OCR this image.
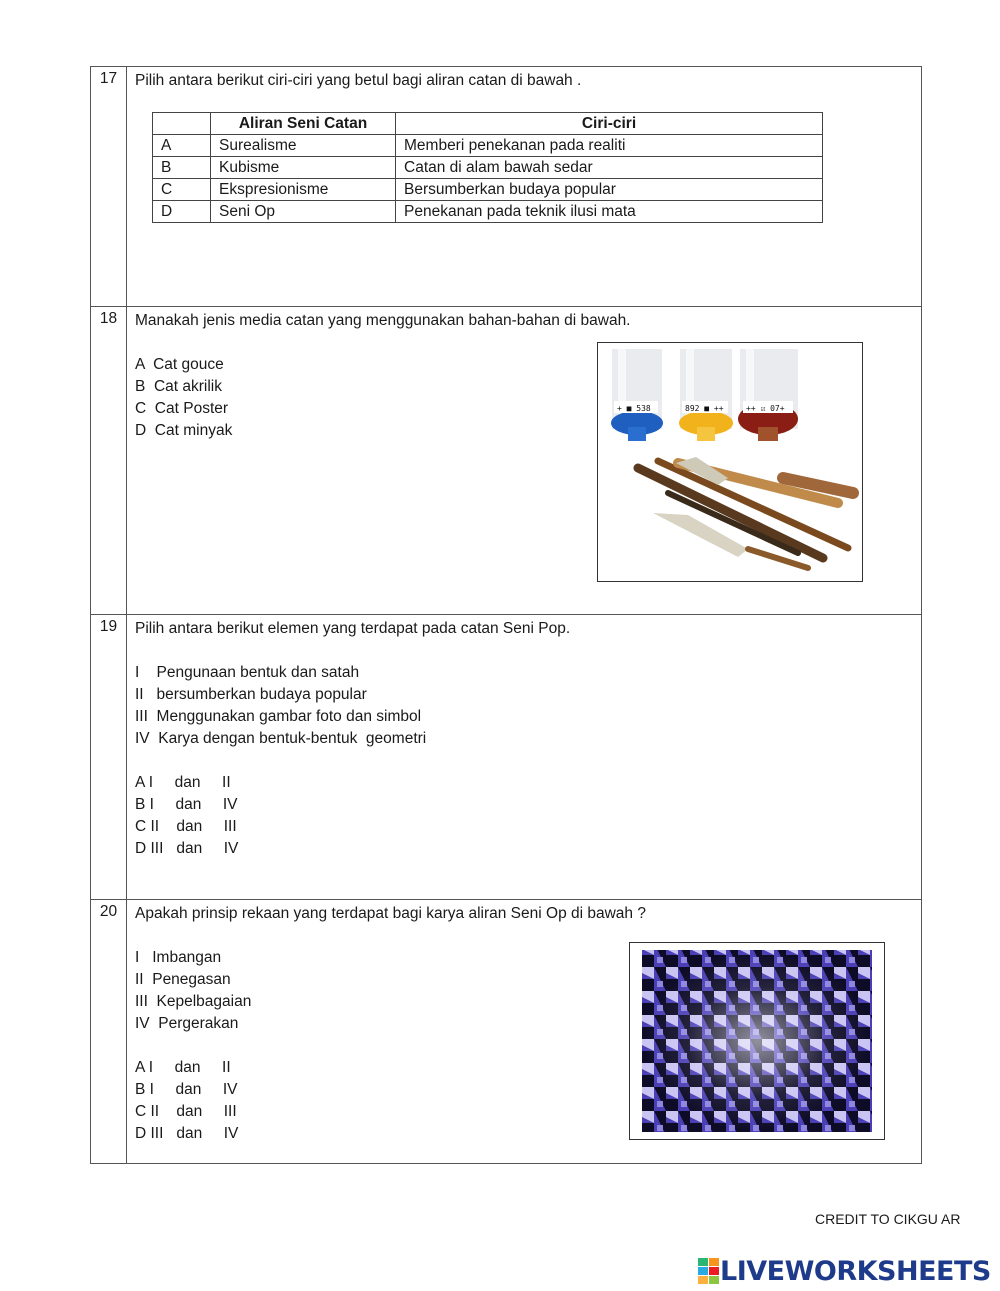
17	Pilih antara berikut ciri-ciri yang betul bagi aliran catan di bawah .
	Aliran Seni Catan	Ciri-ciri
A	Surealisme	Memberi penekanan pada realiti
B	Kubisme	Catan di alam bawah sedar
C	Ekspresionisme	Bersumberkan budaya popular
D	Seni Op	Penekanan pada teknik ilusi mata

18	Manakah jenis media catan yang menggunakan bahan-bahan di bawah.
A  Cat gouce
B  Cat akrilik
C  Cat Poster
D  Cat minyak
+ ■ 538	892 ■ ++	++ ☑ 07+

19	Pilih antara berikut elemen yang terdapat pada catan Seni Pop.
I    Pengunaan bentuk dan satah
II   bersumberkan budaya popular
III  Menggunakan gambar foto dan simbol
IV  Karya dengan bentuk-bentuk  geometri
A I     dan     II
B I     dan     IV
C II    dan     III
D III   dan     IV

20	Apakah prinsip rekaan yang terdapat bagi karya aliran Seni Op di bawah ?
I   Imbangan
II  Penegasan
III  Kepelbagaian
IV  Pergerakan
A I     dan     II
B I     dan     IV
C II    dan     III
D III   dan     IV
CREDIT TO CIKGU AR
LIVEWORKSHEETS
